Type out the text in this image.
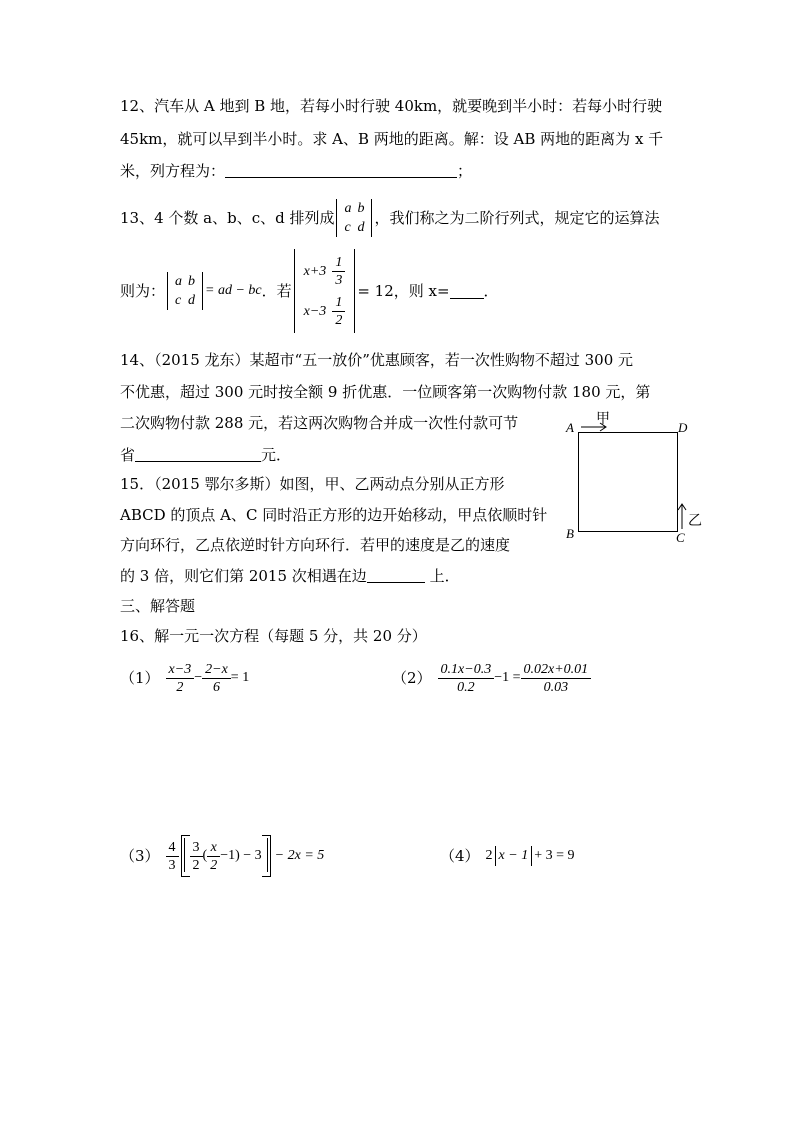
12、汽车从 A 地到 B 地，若每小时行驶 40km，就要晚到半小时：若每小时行驶
45km，就可以早到半小时。求 A、B 两地的距离。解：设 AB 两地的距离为 x 千
米，列方程为：	；
13、4 个数 a、b、c、d 排列成
a	b
c	d
，我们称之为二阶行列式，规定它的运算法
则为：
a	b
c	d
= ad − bc ．若
x+3	$\frac{1}{3}$

x−3	$\frac{1}{2}$
= 12，则 x= ．
14、（2015 龙东）某超市“五一放价”优惠顾客，若一次性购物不超过 300 元
不优惠，超过 300 元时按全额 9 折优惠．一位顾客第一次购物付款 180 元，第
二次购物付款 288 元，若这两次购物合并成一次性付款可节
省	元．
15．（2015 鄂尔多斯）如图，甲、乙两动点分别从正方形
ABCD 的顶点 A、C 同时沿正方形的边开始移动，甲点依顺时针
方向环行，乙点依逆时针方向环行．若甲的速度是乙的速度
的 3 倍，则它们第 2015 次相遇在边	上．
A	D
B	C
甲
乙
三、解答题
16、解一元一次方程（每题 5 分，共 20 分）
$(1) \frac{x-3}{2} - \frac{2-x}{6} = 1$	$(2) \frac{0.1x-0.3}{0.2} -1 = \frac{0.02x+0.01}{0.03}$
$(3) \frac{4}{3} \frac{3}{2}$ ( $\frac{x}{2} -1) - 3 - 2x = 5$	（4） 2 x − 1 + 3 = 9
